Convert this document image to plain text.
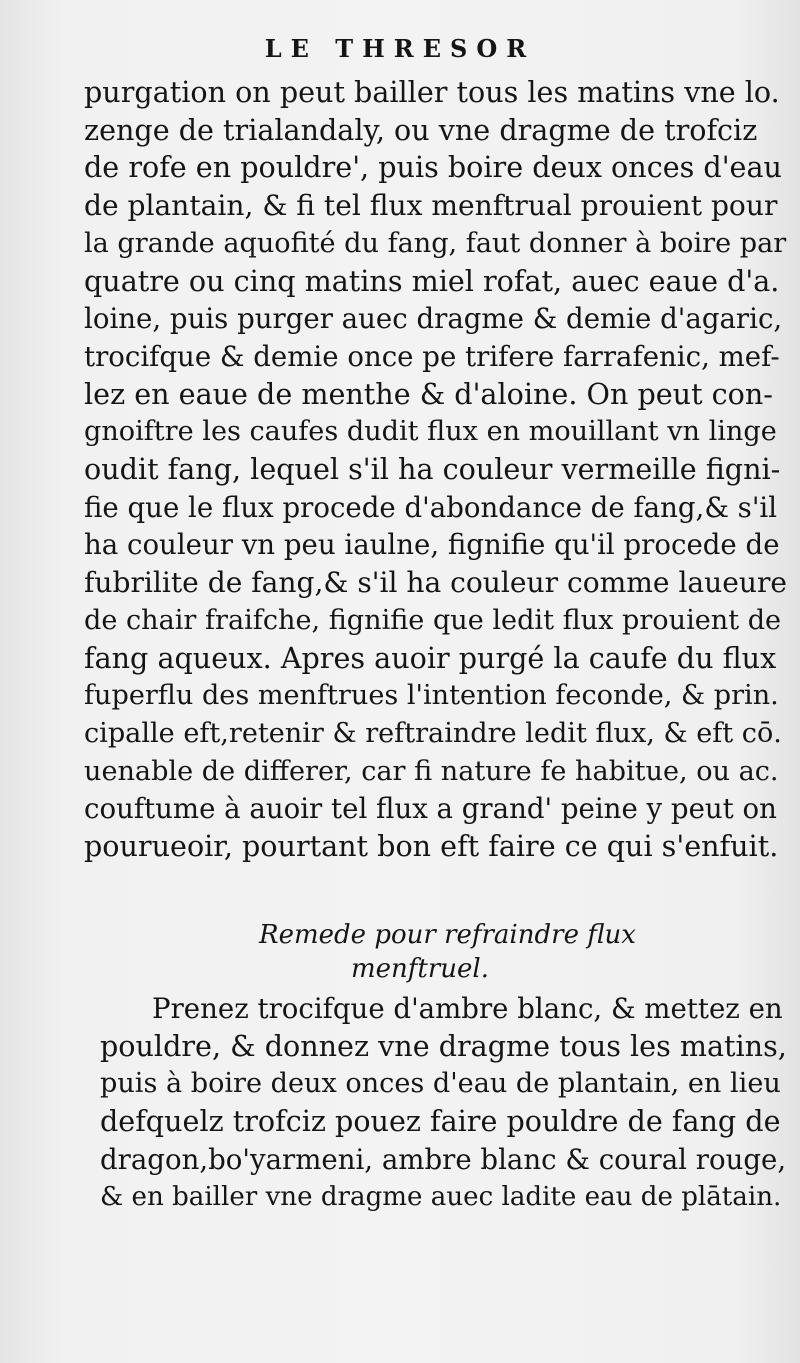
LE THRESOR
purgation on peut bailler tous les matins vne lo.
zenge de trialandaly, ou vne dragme de trofciz
de rofe en pouldre', puis boire deux onces d'eau
de plantain, & fi tel flux menftrual prouient pour
la grande aquofité du fang, faut donner à boire par
quatre ou cinq matins miel rofat, auec eaue d'a.
loine, puis purger auec dragme & demie d'agaric,
trocifque & demie once pe trifere farrafenic, mef-
lez en eaue de menthe & d'aloine. On peut con-
gnoiftre les caufes dudit flux en mouillant vn linge
oudit fang, lequel s'il ha couleur vermeille figni-
fie que le flux procede d'abondance de fang,& s'il
ha couleur vn peu iaulne, fignifie qu'il procede de
fubrilite de fang,& s'il ha couleur comme laueure
de chair fraifche, fignifie que ledit flux prouient de
fang aqueux. Apres auoir purgé la caufe du flux
fuperflu des menftrues l'intention feconde, & prin.
cipalle eft,retenir & reftraindre ledit flux, & eft cō.
uenable de differer, car fi nature fe habitue, ou ac.
couftume à auoir tel flux a grand' peine y peut on
pourueoir, pourtant bon eft faire ce qui s'enfuit.
Remede pour refraindre flux
menftruel.
Prenez trocifque d'ambre blanc, & mettez en
pouldre, & donnez vne dragme tous les matins,
puis à boire deux onces d'eau de plantain, en lieu
defquelz trofciz pouez faire pouldre de fang de
dragon,bo'yarmeni, ambre blanc & coural rouge,
& en bailler vne dragme auec ladite eau de plātain.
